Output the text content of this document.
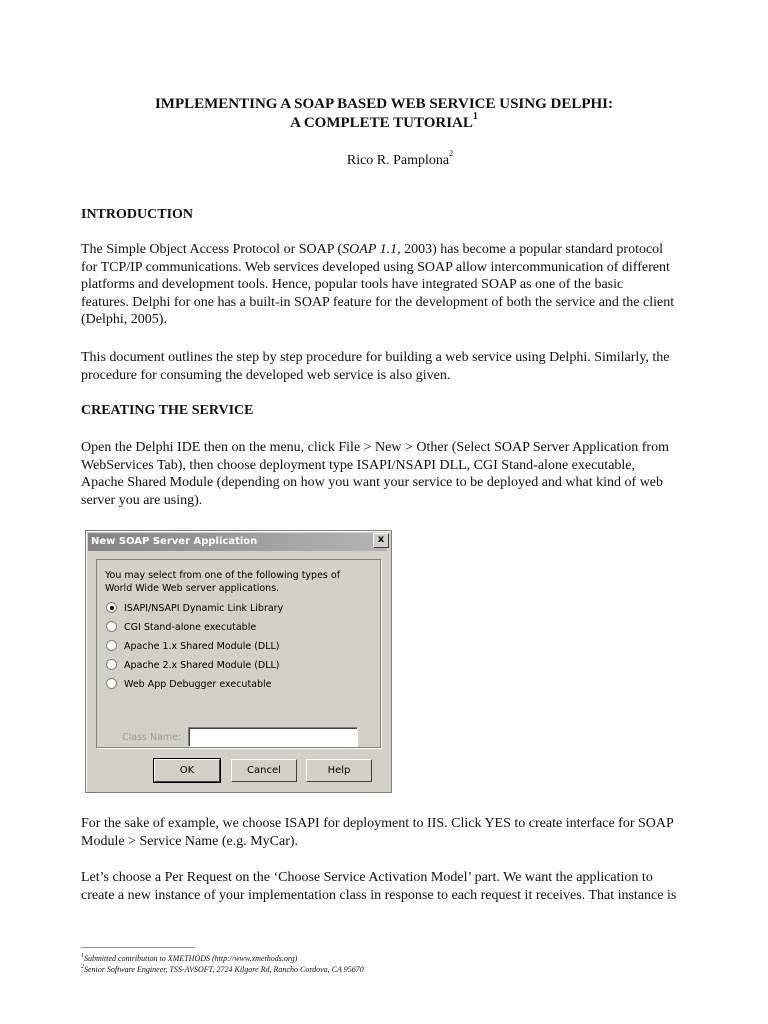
IMPLEMENTING A SOAP BASED WEB SERVICE USING DELPHI:
A COMPLETE TUTORIAL$^1$
Rico R. Pamplona$^2$
INTRODUCTION
The Simple Object Access Protocol or SOAP (SOAP 1.1, 2003) has become a popular standard protocol
for TCP/IP communications. Web services developed using SOAP allow intercommunication of different
platforms and development tools. Hence, popular tools have integrated SOAP as one of the basic
features. Delphi for one has a built-in SOAP feature for the development of both the service and the client
(Delphi, 2005).
This document outlines the step by step procedure for building a web service using Delphi. Similarly, the
procedure for consuming the developed web service is also given.
CREATING THE SERVICE
Open the Delphi IDE then on the menu, click File > New > Other (Select SOAP Server Application from
WebServices Tab), then choose deployment type ISAPI/NSAPI DLL, CGI Stand-alone executable,
Apache Shared Module (depending on how you want your service to be deployed and what kind of web
server you are using).
New SOAP Server Application	x
You may select from one of the following types of World Wide Web server applications.
ISAPI/NSAPI Dynamic Link Library
CGI Stand-alone executable
Apache 1.x Shared Module (DLL)
Apache 2.x Shared Module (DLL)
Web App Debugger executable
Class Name:
OK	Cancel	Help
For the sake of example, we choose ISAPI for deployment to IIS. Click YES to create interface for SOAP
Module > Service Name (e.g. MyCar).
Let’s choose a Per Request on the ‘Choose Service Activation Model’ part. We want the application to
create a new instance of your implementation class in response to each request it receives. That instance is
$^1$Submitted contribution to XMETHODS (http://www.xmethods.org)
$^2$Senior Software Engineer, TSS-AVSOFT, 2724 Kilgore Rd, Rancho Cordova, CA 95670
